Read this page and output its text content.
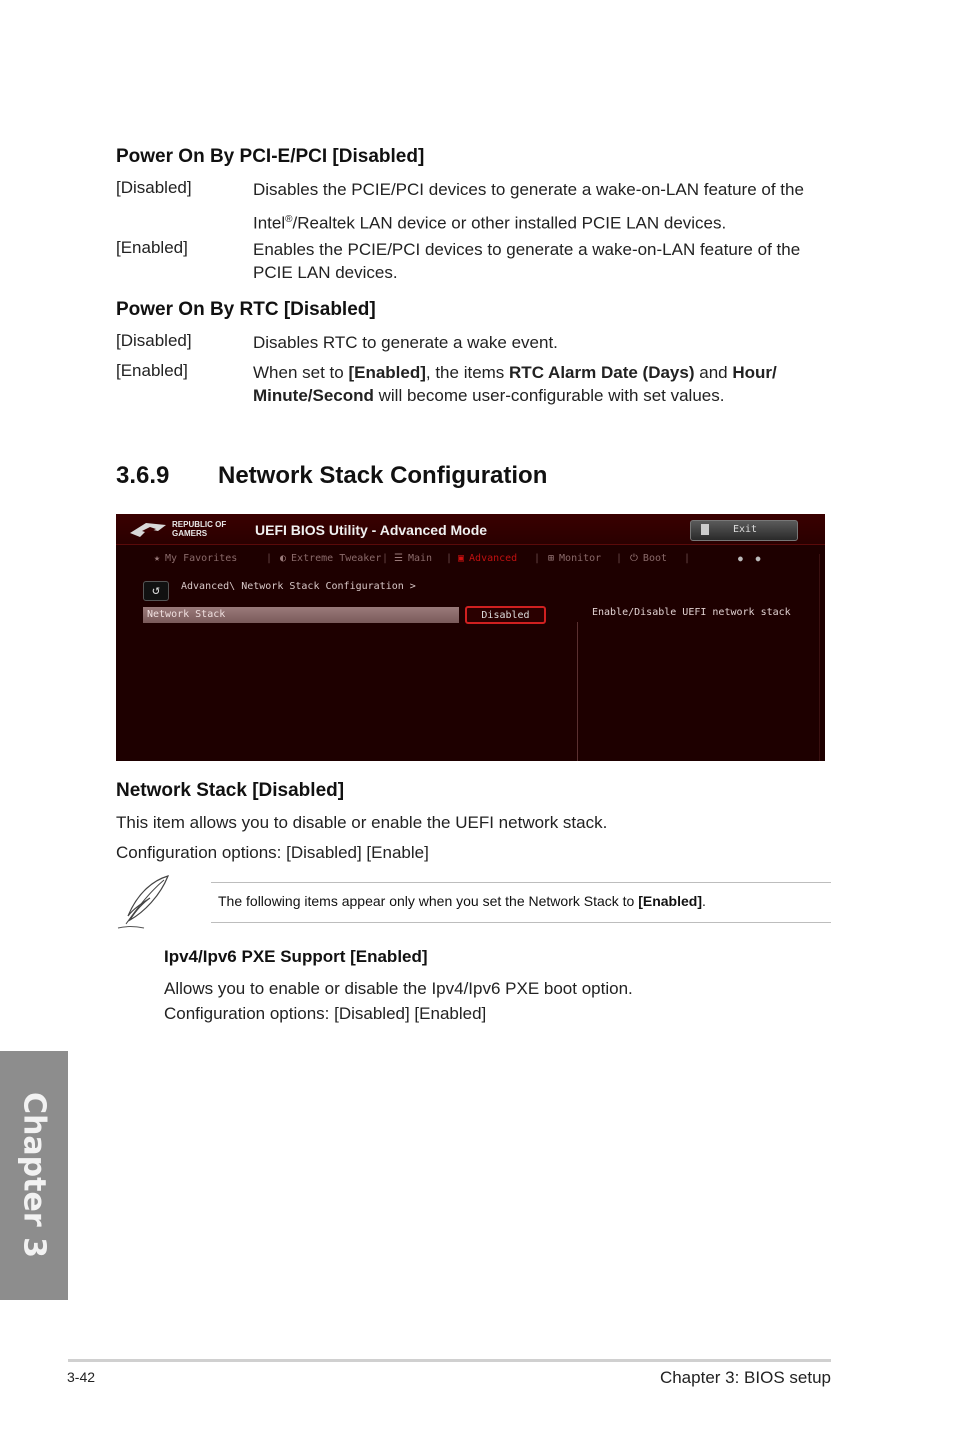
Power On By PCI-E/PCI [Disabled]
[Disabled]	Disables the PCIE/PCI devices to generate a wake-on-LAN feature of the
Intel®/Realtek LAN device or other installed PCIE LAN devices.
[Enabled]	Enables the PCIE/PCI devices to generate a wake-on-LAN feature of the PCIE LAN devices.
Power On By RTC [Disabled]
[Disabled]	Disables RTC to generate a wake event.
[Enabled]	When set to [Enabled], the items RTC Alarm Date (Days) and Hour/ Minute/Second will become user-configurable with set values.
3.6.9 Network Stack Configuration
REPUBLIC OF GAMERS	UEFI BIOS Utility - Advanced Mode	Exit
★ My Favorites	| ◐ Extreme Tweaker | ☰ Main | ▣ Advanced | ⊞ Monitor | ⏻ Boot |	● ●
↺	Advanced\ Network Stack Configuration >
Network Stack	Disabled	Enable/Disable UEFI network stack
Network Stack [Disabled]
This item allows you to disable or enable the UEFI network stack.
Configuration options: [Disabled] [Enable]
The following items appear only when you set the Network Stack to [Enabled].
Ipv4/Ipv6 PXE Support [Enabled]
Allows you to enable or disable the Ipv4/Ipv6 PXE boot option.
Configuration options: [Disabled] [Enabled]
Chapter 3
3-42	Chapter 3: BIOS setup
